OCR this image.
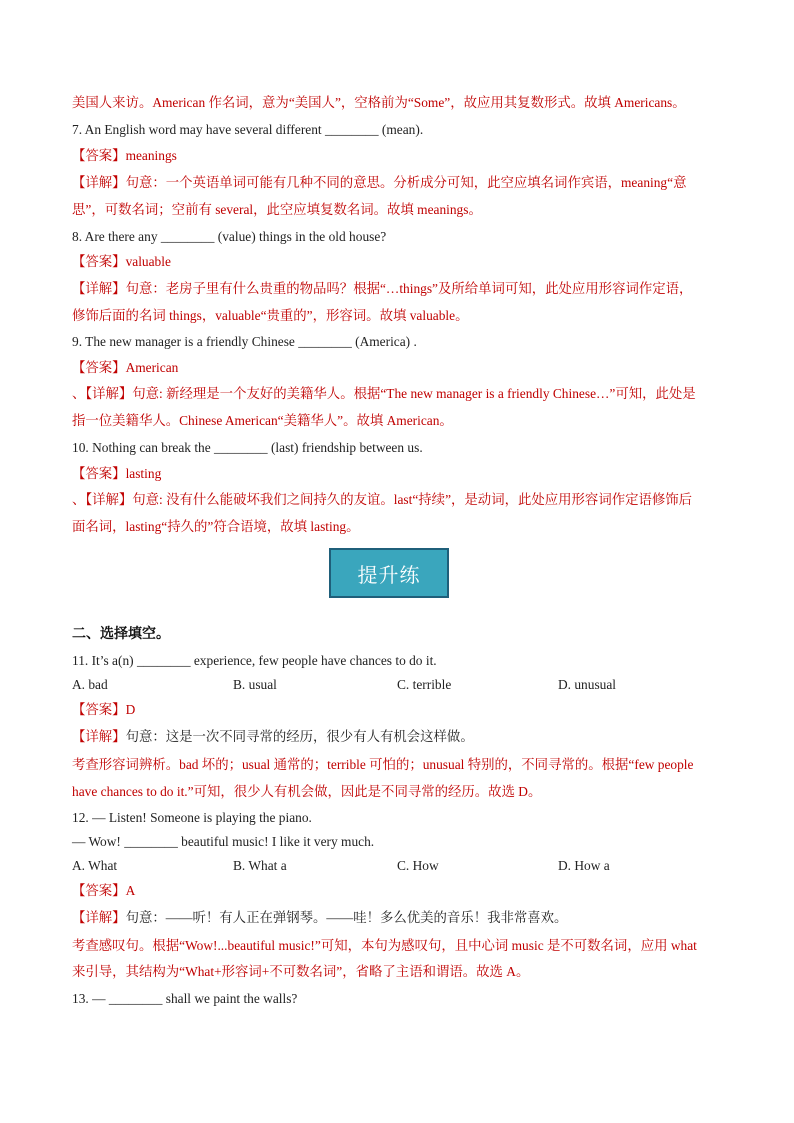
美国人来访。American 作名词，意为“美国人”，空格前为“Some”，故应用其复数形式。故填 Americans。
7. An English word may have several different ________ (mean).
【答案】meanings
【详解】句意：一个英语单词可能有几种不同的意思。分析成分可知，此空应填名词作宾语，meaning“意
思”，可数名词；空前有 several，此空应填复数名词。故填 meanings。
8. Are there any ________ (value) things in the old house?
【答案】valuable
【详解】句意：老房子里有什么贵重的物品吗？根据“…things”及所给单词可知，此处应用形容词作定语，
修饰后面的名词 things，valuable“贵重的”，形容词。故填 valuable。
9. The new manager is a friendly Chinese ________ (America) .
【答案】American
、【详解】句意: 新经理是一个友好的美籍华人。根据“The new manager is a friendly Chinese…”可知，此处是
指一位美籍华人。Chinese American“美籍华人”。故填 American。
10. Nothing can break the ________ (last) friendship between us.
【答案】lasting
、【详解】句意: 没有什么能破坏我们之间持久的友谊。last“持续”，是动词，此处应用形容词作定语修饰后
面名词，lasting“持久的”符合语境，故填 lasting。
提升练
二、选择填空。
11. It’s a(n) ________ experience, few people have chances to do it.
A. bad	B. usual	C. terrible	D. unusual
【答案】D
【详解】句意：这是一次不同寻常的经历，很少有人有机会这样做。
考查形容词辨析。bad 坏的；usual 通常的；terrible 可怕的；unusual 特别的，不同寻常的。根据“few people
have chances to do it.”可知，很少人有机会做，因此是不同寻常的经历。故选 D。
12. — Listen! Someone is playing the piano.
— Wow! ________ beautiful music! I like it very much.
A. What	B. What a	C. How	D. How a
【答案】A
【详解】句意：——听！有人正在弹钢琴。——哇！多么优美的音乐！我非常喜欢。
考查感叹句。根据“Wow!...beautiful music!”可知，本句为感叹句，且中心词 music 是不可数名词，应用 what
来引导，其结构为“What+形容词+不可数名词”，省略了主语和谓语。故选 A。
13. — ________ shall we paint the walls?
